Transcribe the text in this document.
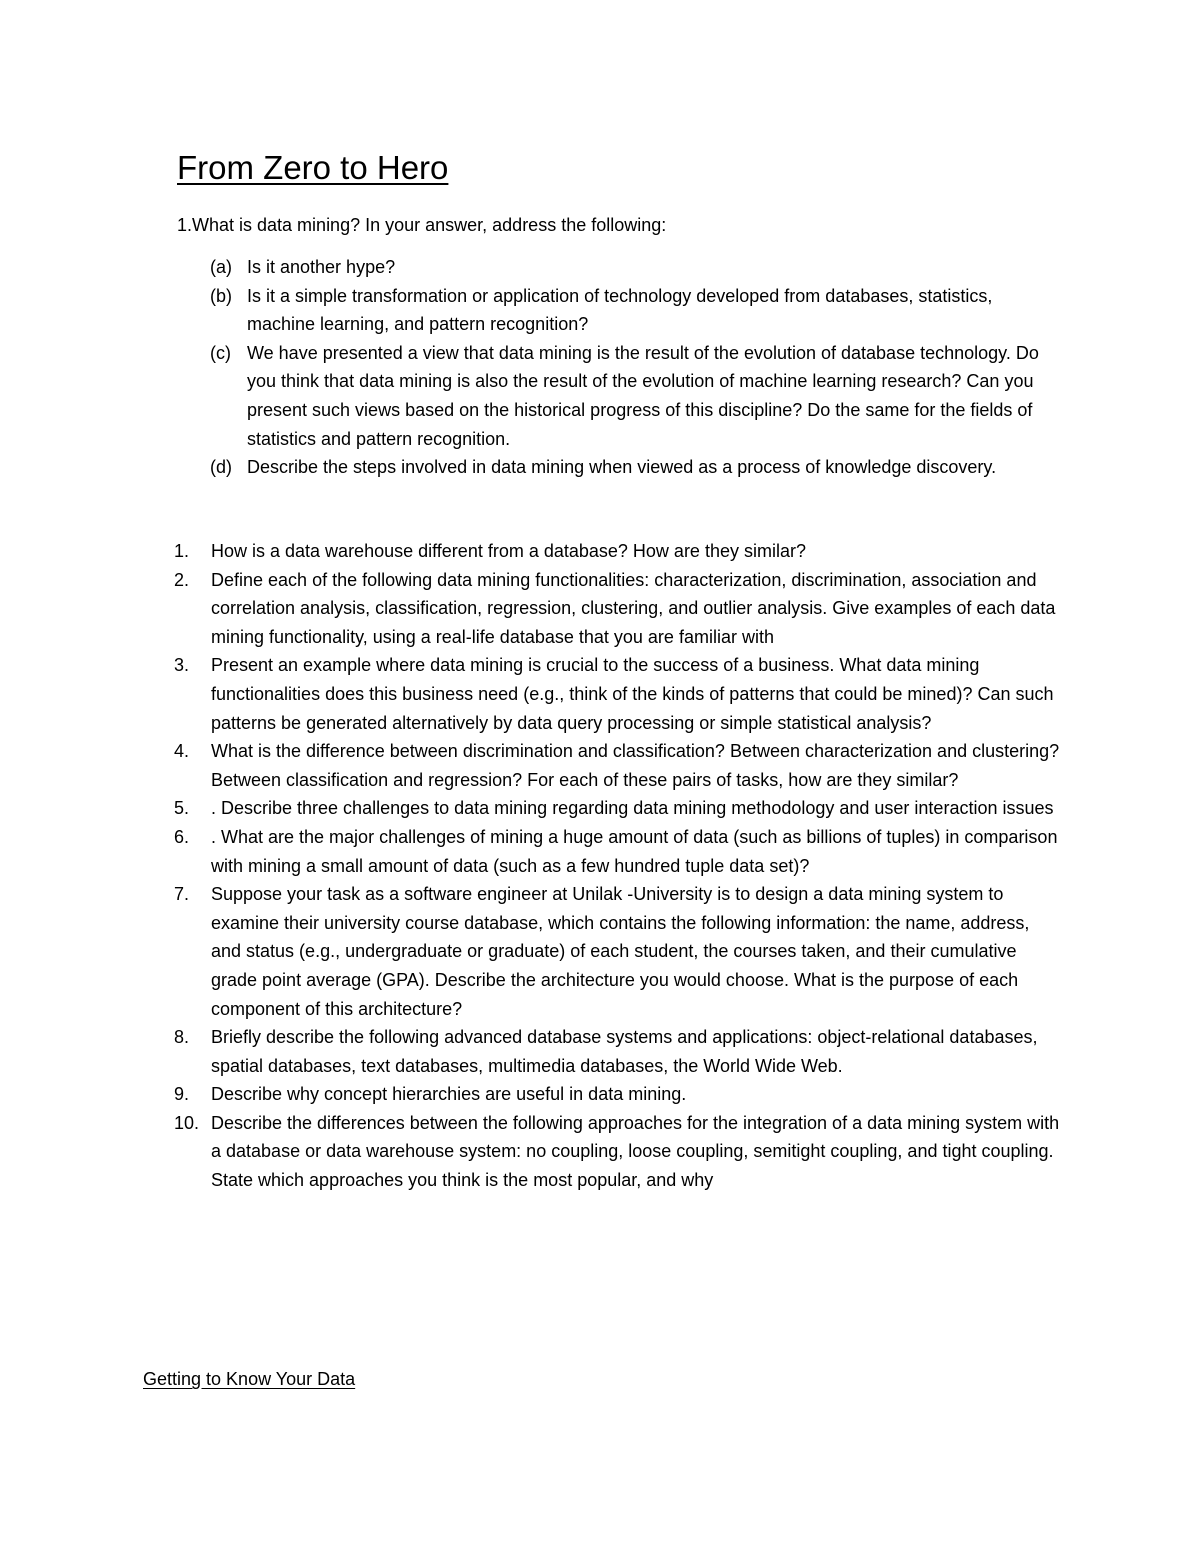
From Zero to Hero
1.What is data mining? In your answer, address the following:
(a) Is it another hype?
(b) Is it a simple transformation or application of technology developed from databases, statistics, machine learning, and pattern recognition?
(c) We have presented a view that data mining is the result of the evolution of database technology. Do you think that data mining is also the result of the evolution of machine learning research? Can you present such views based on the historical progress of this discipline? Do the same for the fields of statistics and pattern recognition.
(d) Describe the steps involved in data mining when viewed as a process of knowledge discovery.
1.	How is a data warehouse different from a database? How are they similar?
2.	Define each of the following data mining functionalities: characterization, discrimination, association and correlation analysis, classification, regression, clustering, and outlier analysis. Give examples of each data mining functionality, using a real-life database that you are familiar with
3.	Present an example where data mining is crucial to the success of a business. What data mining functionalities does this business need (e.g., think of the kinds of patterns that could be mined)? Can such patterns be generated alternatively by data query processing or simple statistical analysis?
4.	What is the difference between discrimination and classification? Between characterization and clustering? Between classification and regression? For each of these pairs of tasks, how are they similar?
5.	. Describe three challenges to data mining regarding data mining methodology and user interaction issues
6.	. What are the major challenges of mining a huge amount of data (such as billions of tuples) in comparison with mining a small amount of data (such as a few hundred tuple data set)?
7.	Suppose your task as a software engineer at Unilak -University is to design a data mining system to examine their university course database, which contains the following information: the name, address, and status (e.g., undergraduate or graduate) of each student, the courses taken, and their cumulative grade point average (GPA). Describe the architecture you would choose. What is the purpose of each component of this architecture?
8.	Briefly describe the following advanced database systems and applications: object-relational databases, spatial databases, text databases, multimedia databases, the World Wide Web.
9.	Describe why concept hierarchies are useful in data mining.
10. Describe the differences between the following approaches for the integration of a data mining system with a database or data warehouse system: no coupling, loose coupling, semitight coupling, and tight coupling. State which approaches you think is the most popular, and why
Getting to Know Your Data
